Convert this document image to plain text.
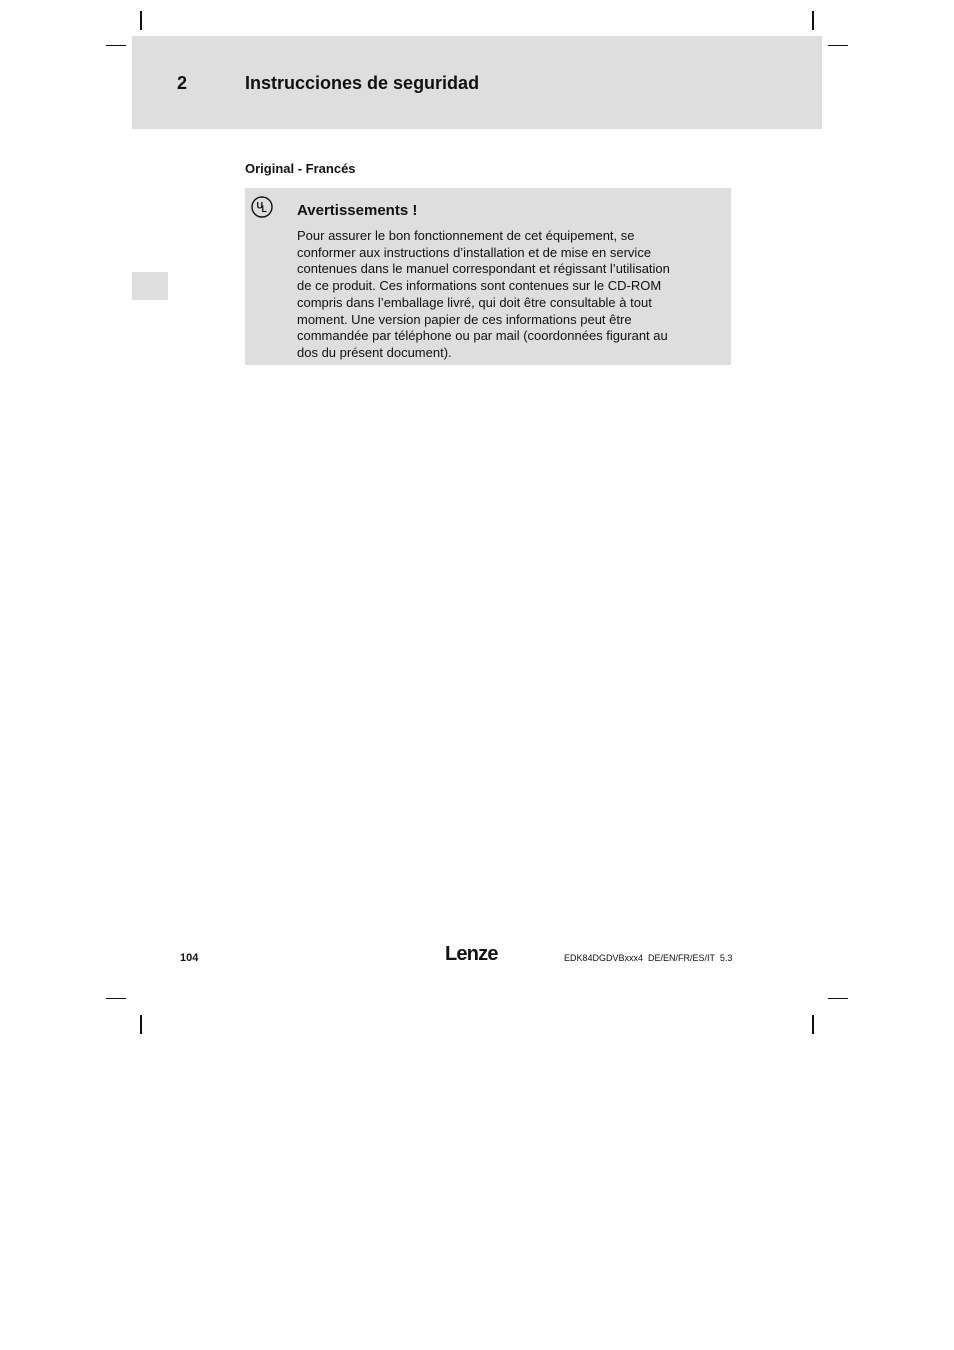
2	Instrucciones de seguridad
Original - Francés
U
L Avertissements !
Pour assurer le bon fonctionnement de cet équipement, se
conformer aux instructions d’installation et de mise en service
contenues dans le manuel correspondant et régissant l’utilisation
de ce produit. Ces informations sont contenues sur le CD-ROM
compris dans l’emballage livré, qui doit être consultable à tout
moment. Une version papier de ces informations peut être
commandée par téléphone ou par mail (coordonnées figurant au
dos du présent document).
104	Lenze	EDK84DGDVBxxx4  DE/EN/FR/ES/IT  5.3
